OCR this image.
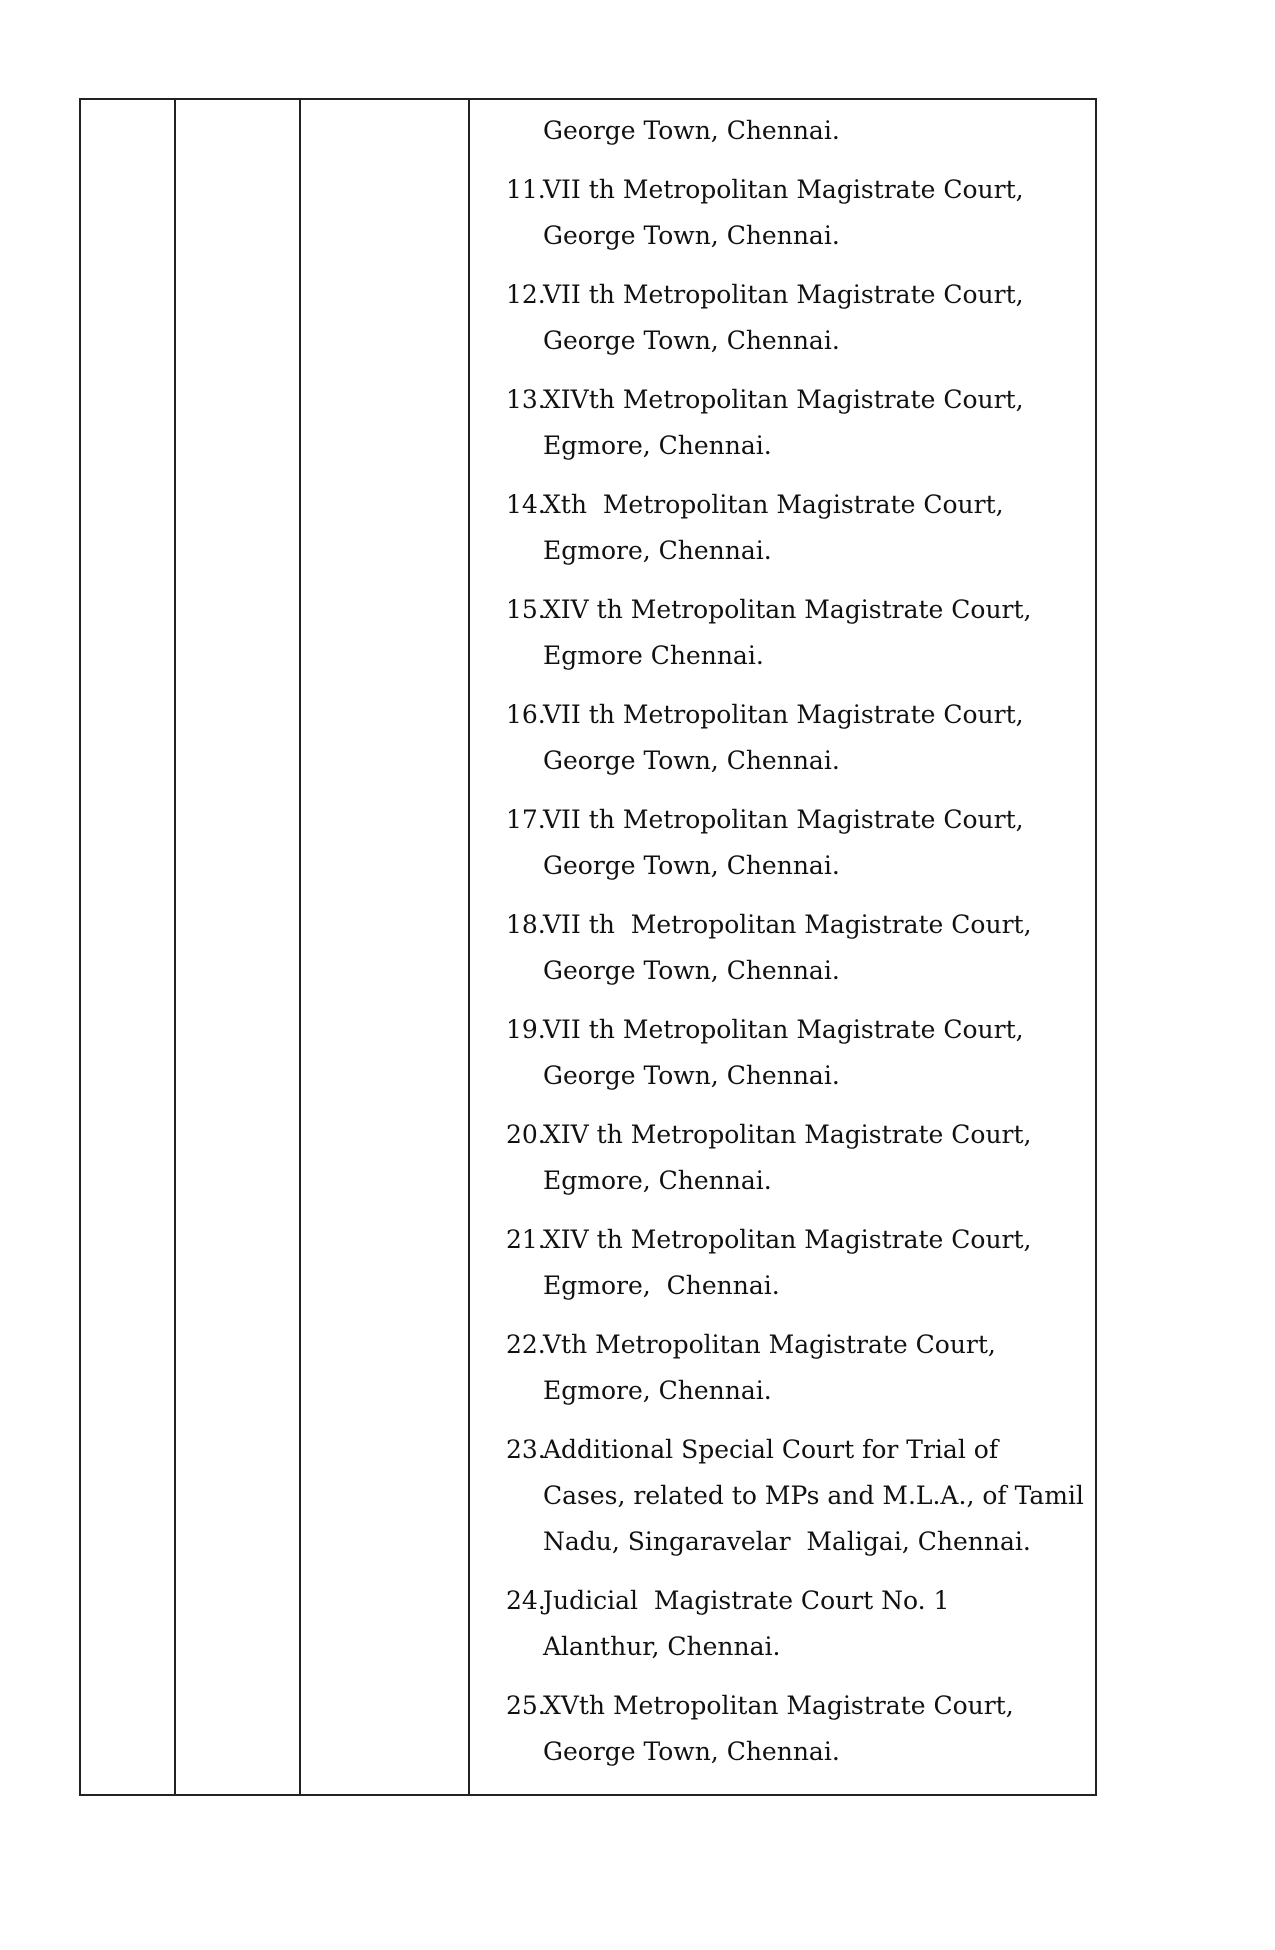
George Town, Chennai.
11.
VII th Metropolitan Magistrate Court,
George Town, Chennai.
12.
VII th Metropolitan Magistrate Court,
George Town, Chennai.
13.
XIVth Metropolitan Magistrate Court,
Egmore, Chennai.
14.
Xth  Metropolitan Magistrate Court,
Egmore, Chennai.
15.
XIV th Metropolitan Magistrate Court,
Egmore Chennai.
16.
VII th Metropolitan Magistrate Court,
George Town, Chennai.
17.
VII th Metropolitan Magistrate Court,
George Town, Chennai.
18.
VII th  Metropolitan Magistrate Court,
George Town, Chennai.
19.
VII th Metropolitan Magistrate Court,
George Town, Chennai.
20.
XIV th Metropolitan Magistrate Court,
Egmore, Chennai.
21.
XIV th Metropolitan Magistrate Court,
Egmore,  Chennai.
22.
Vth Metropolitan Magistrate Court,
Egmore, Chennai.
23.
Additional Special Court for Trial of
Cases, related to MPs and M.L.A., of Tamil
Nadu, Singaravelar  Maligai, Chennai.
24.
Judicial  Magistrate Court No. 1
Alanthur, Chennai.
25.
XVth Metropolitan Magistrate Court,
George Town, Chennai.
